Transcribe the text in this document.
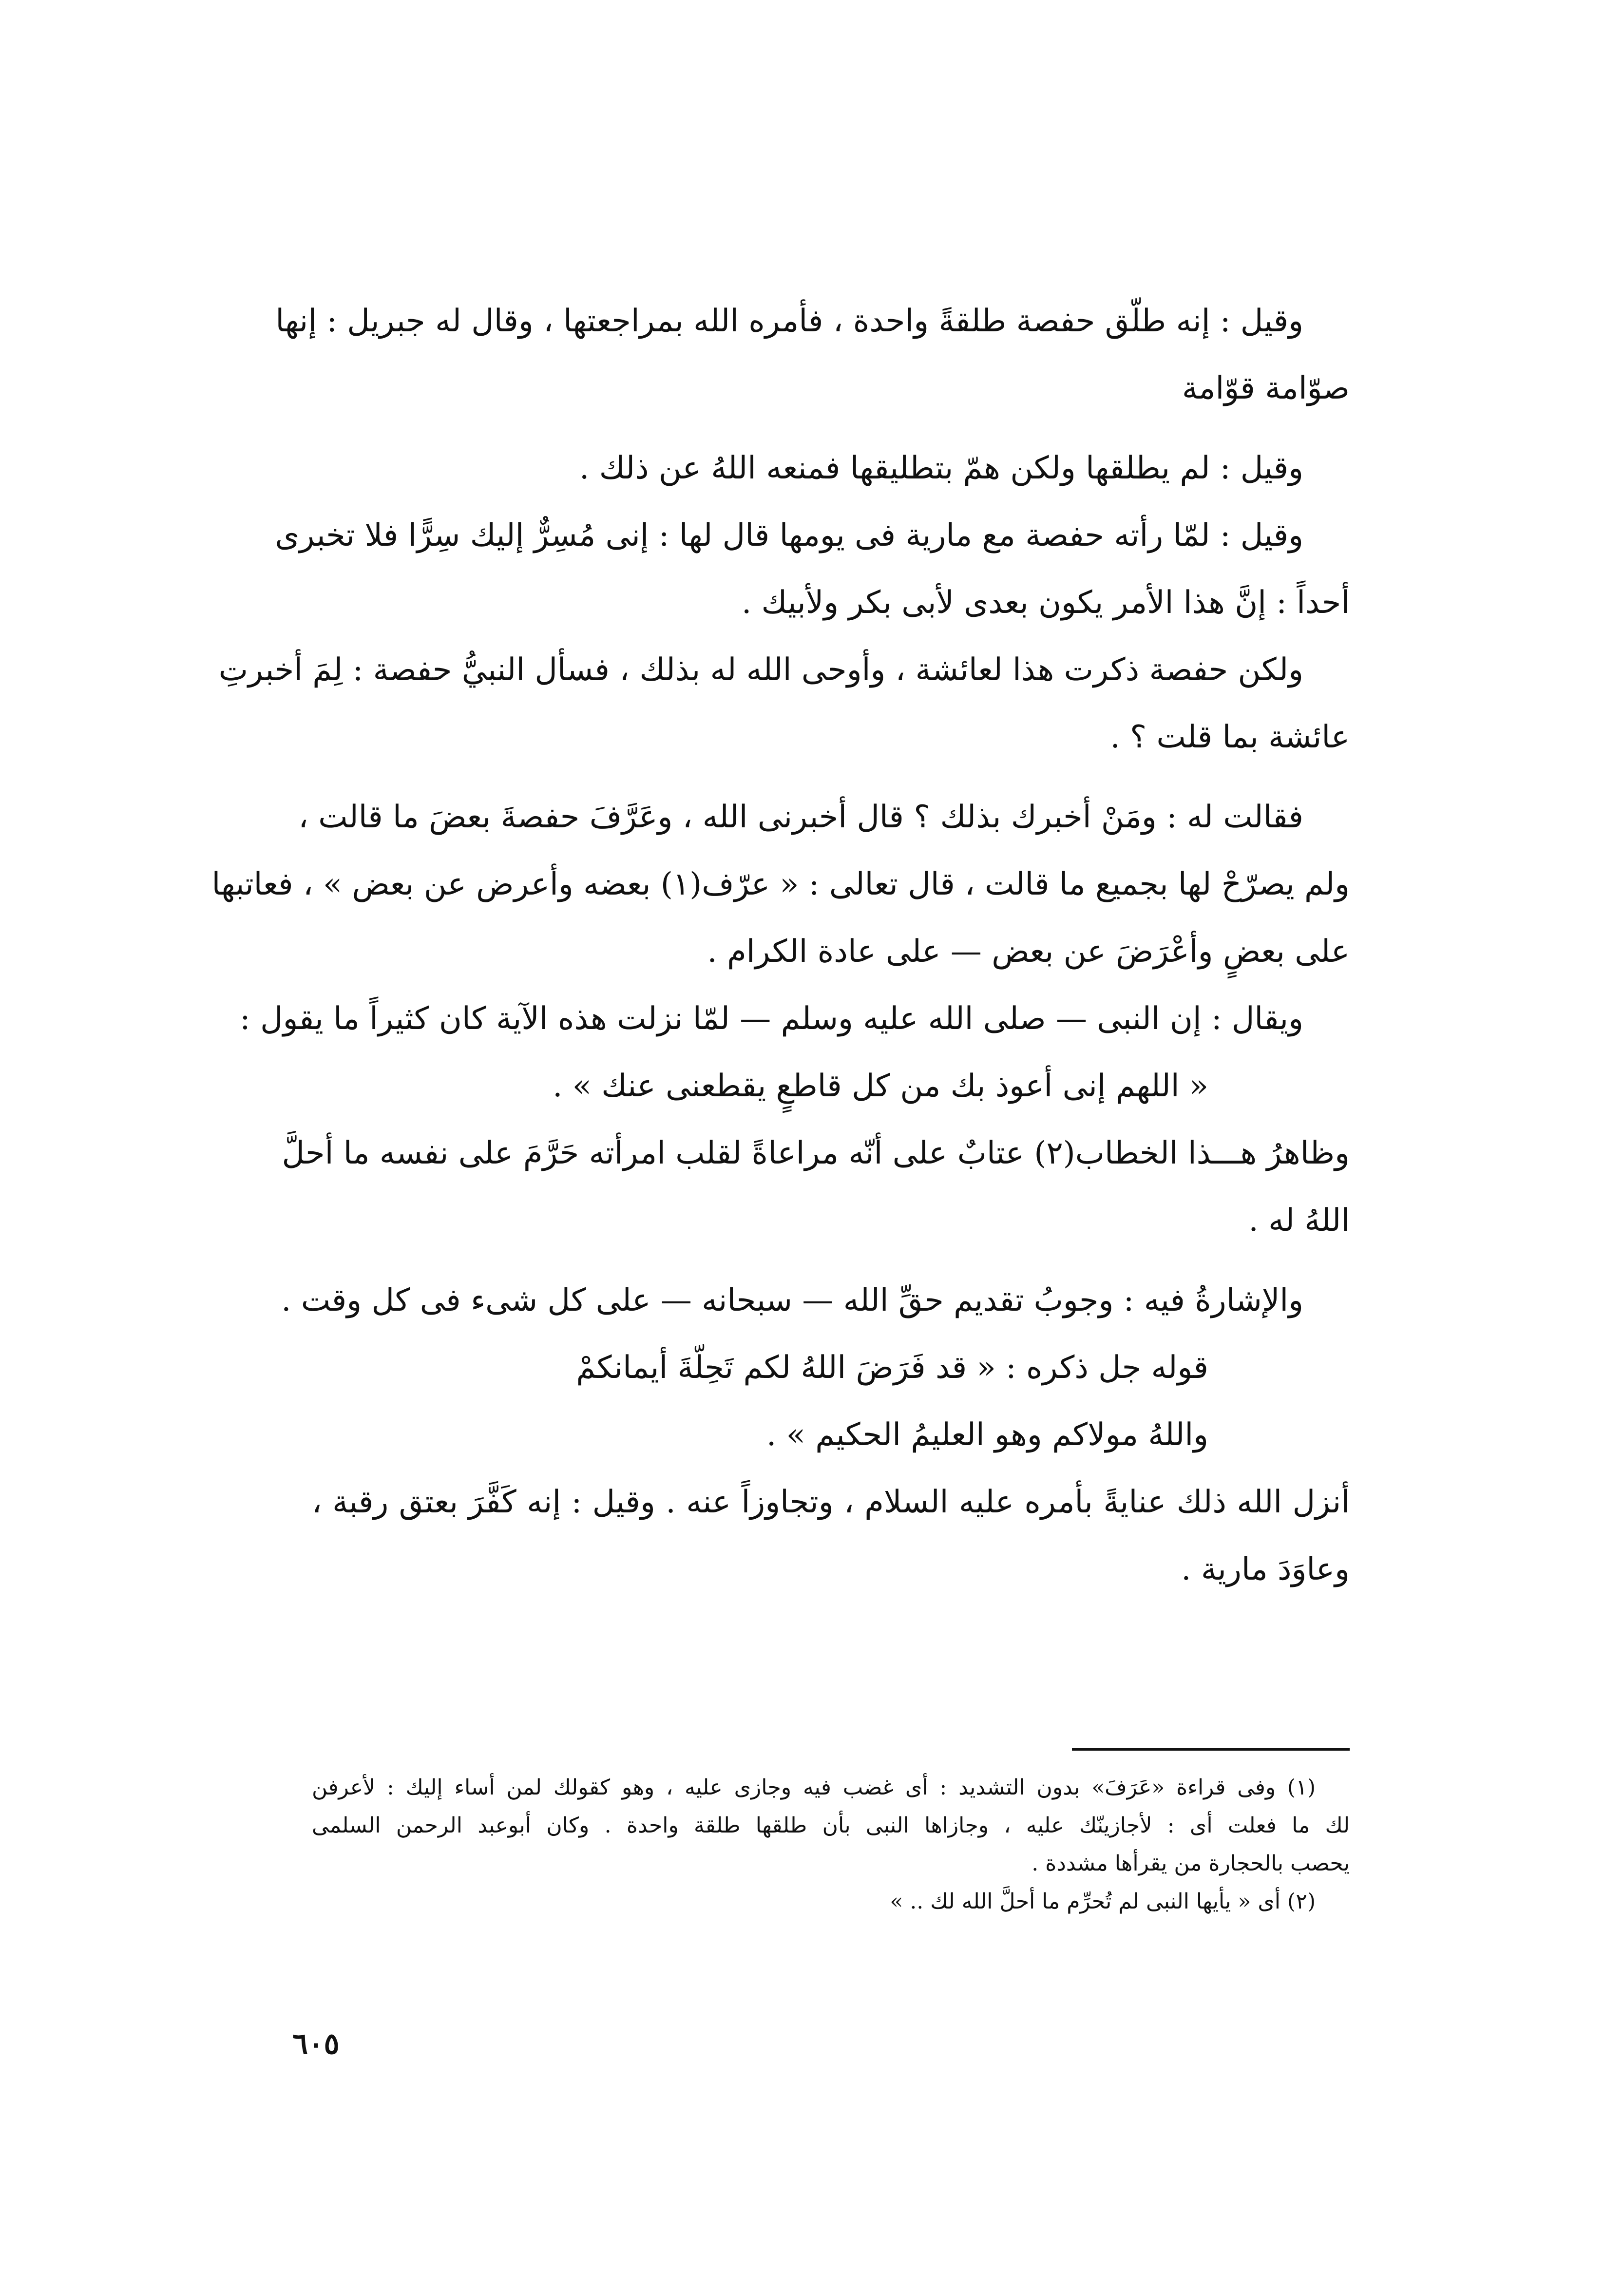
وقيل : إنه طلّق حفصة طلقةً واحدة ، فأمره الله بمراجعتها ، وقال له جبريل : إنها
صوّامة قوّامة

وقيل : لم يطلقها ولكن همّ بتطليقها فمنعه اللهُ عن ذلك .

وقيل : لمّا رأته حفصة مع مارية فى يومها قال لها : إنى مُسِرٌّ إليك سِرًّا فلا تخبرى
أحداً : إنَّ هذا الأمر يكون بعدى لأبى بكر ولأبيك .

ولكن حفصة ذكرت هذا لعائشة ، وأوحى الله له بذلك ، فسأل النبيُّ حفصة : لِمَ أخبرتِ
عائشة بما قلت ؟ .

فقالت له : ومَنْ أخبرك بذلك ؟ قال أخبرنى الله ، وعَرَّفَ حفصةَ بعضَ ما قالت ،
ولم يصرّحْ لها بجميع ما قالت ، قال تعالى : « عرّف(١) بعضه وأعرض عن بعض » ، فعاتبها
على بعضٍ وأعْرَضَ عن بعض — على عادة الكرام .

ويقال : إن النبى — صلى الله عليه وسلم — لمّا نزلت هذه الآية كان كثيراً ما يقول :
« اللهم إنى أعوذ بك من كل قاطعٍ يقطعنى عنك » .

وظاهرُ هـــذا الخطاب(٢) عتابٌ على أنّه مراعاةً لقلب امرأته حَرَّمَ على نفسه ما أحلَّ
اللهُ له .

والإشارةُ فيه : وجوبُ تقديم حقِّ الله — سبحانه — على كل شىء فى كل وقت .

قوله جل ذكره : « قد فَرَضَ اللهُ لكم تَحِلّةَ أيمانكمْ
واللهُ مولاكم وهو العليمُ الحكيم » .

أنزل الله ذلك عنايةً بأمره عليه السلام ، وتجاوزاً عنه . وقيل : إنه كَفَّرَ بعتق رقبة ،
وعاوَدَ مارية .

(١) وفى قراءة «عَرَفَ» بدون التشديد : أى غضب فيه وجازى عليه ، وهو كقولك لمن أساء إليك : لأعرفن
لك ما فعلت أى : لأجازينّك عليه ، وجازاها النبى بأن طلقها طلقة واحدة . وكان أبوعبد الرحمن السلمى
يحصب بالحجارة من يقرأها مشددة .

(٢) أى « يأيها النبى لم تُحرِّم ما أحلَّ الله لك .. »

٦٠٥
